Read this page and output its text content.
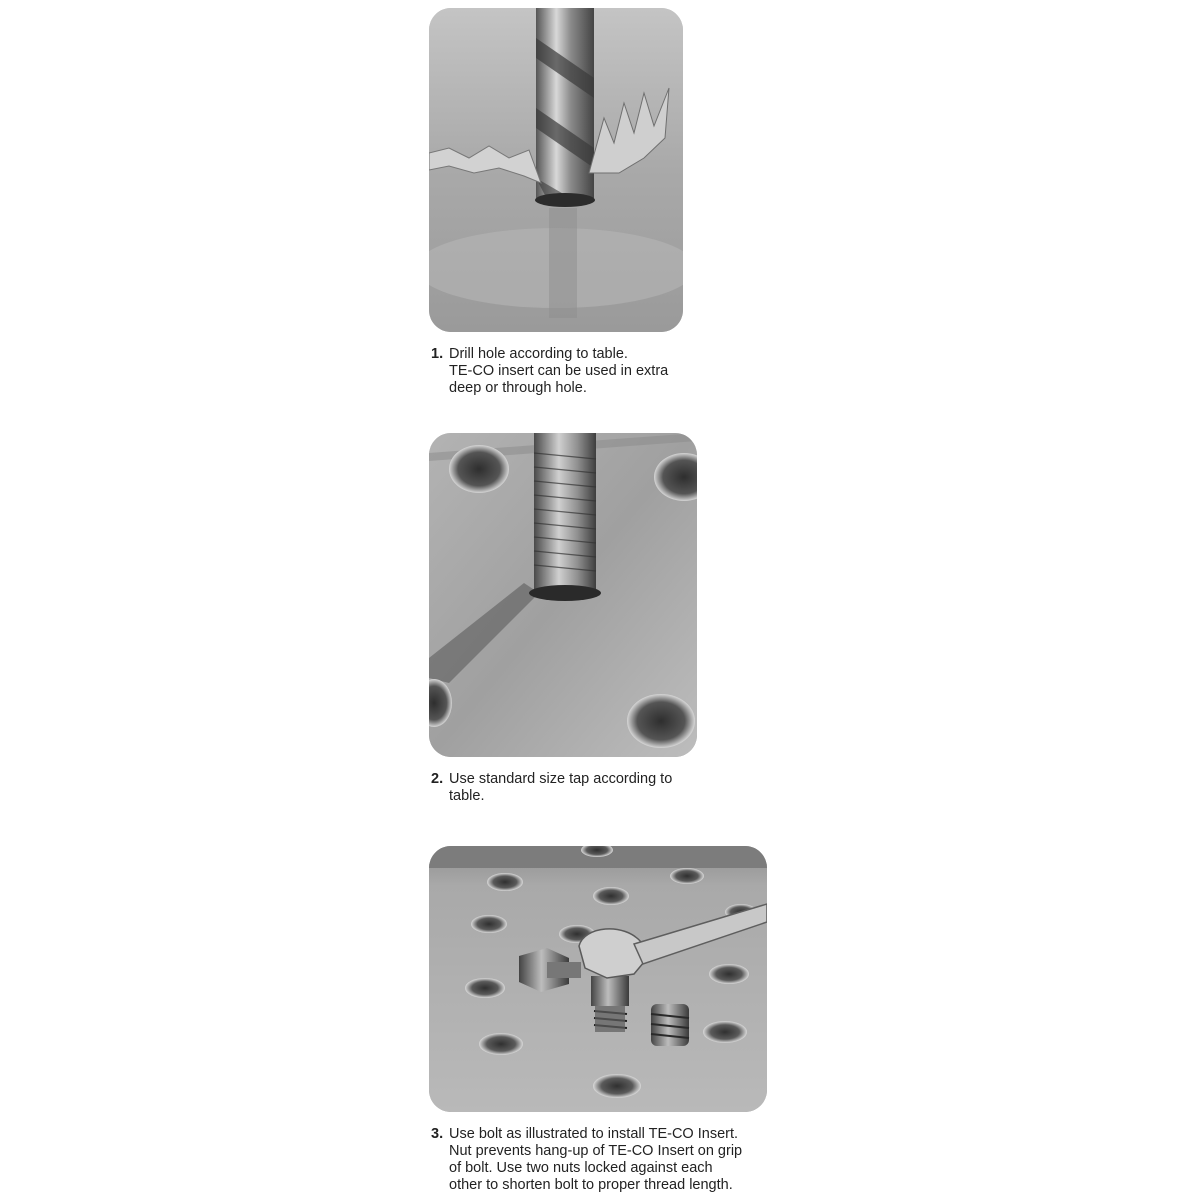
1. Drill hole according to table.
TE-CO insert can be used in extra
deep or through hole.
2. Use standard size tap according to
table.
3. Use bolt as illustrated to install TE-CO Insert.
Nut prevents hang-up of TE-CO Insert on grip
of bolt. Use two nuts locked against each
other to shorten bolt to proper thread length.
